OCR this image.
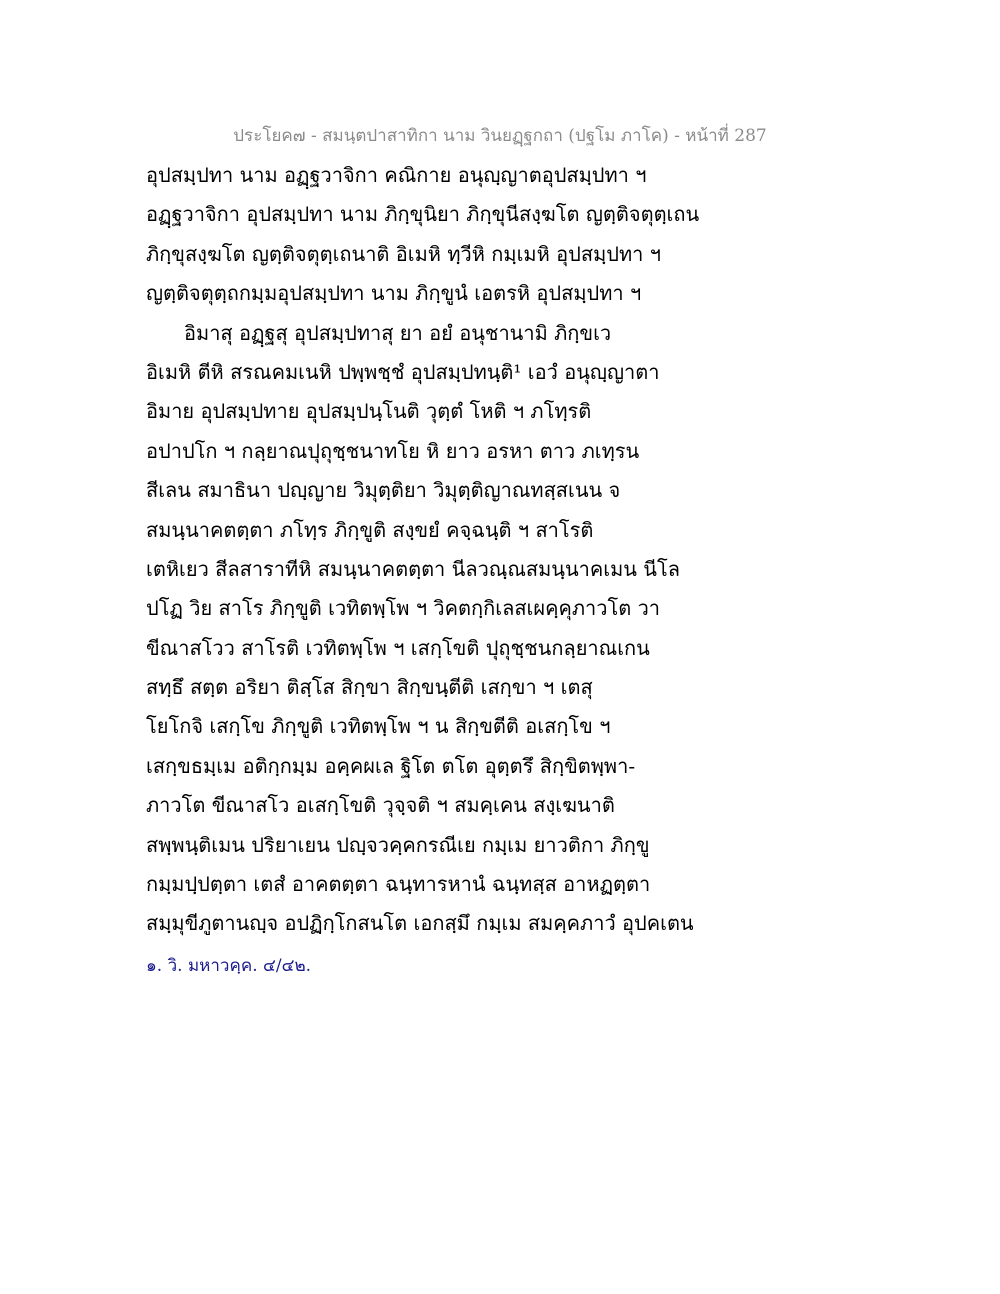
ประโยค๗ - สมนฺตปาสาทิกา นาม วินยฏฺฐกถา (ปฐโม ภาโค) - หน้าที่ 287
อุปสมฺปทา นาม อฏฺฐวาจิกา คณิกาย อนุญฺญาตอุปสมฺปทา ฯ
อฏฺฐวาจิกา อุปสมฺปทา นาม ภิกฺขุนิยา ภิกฺขุนีสงฺฆโต ญตฺติจตุตฺเถน
ภิกฺขุสงฺฆโต ญตฺติจตุตฺเถนาติ อิเมหิ ทฺวีหิ กมฺเมหิ อุปสมฺปทา ฯ
ญตฺติจตุตฺถกมฺมอุปสมฺปทา นาม ภิกฺขูนํ เอตรหิ อุปสมฺปทา ฯ
อิมาสุ อฏฺฐสุ อุปสมฺปทาสุ ยา อยํ อนุชานามิ ภิกฺขเว
อิเมหิ ตีหิ สรณคมเนหิ ปพฺพชฺชํ อุปสมฺปทนฺติ¹ เอวํ อนุญฺญาตา
อิมาย อุปสมฺปทาย อุปสมฺปนฺโนติ วุตฺตํ โหติ ฯ ภโทฺรติ
อปาปโก ฯ กลฺยาณปุถุชฺชนาทโย หิ ยาว อรหา ตาว ภเทฺรน
สีเลน สมาธินา ปญฺญาย วิมุตฺติยา วิมุตฺติญาณทสฺสเนน จ
สมนฺนาคตตฺตา ภโทฺร ภิกฺขูติ สงฺขยํ คจฺฉนฺติ ฯ สาโรติ
เตหิเยว สีลสาราทีหิ สมนฺนาคตตฺตา นีลวณฺณสมนฺนาคเมน นีโล
ปโฏ วิย สาโร ภิกฺขูติ เวทิตพฺโพ ฯ วิคตกฺกิเลสเผคฺคุภาวโต วา
ขีณาสโวว สาโรติ เวทิตพฺโพ ฯ เสกฺโขติ ปุถุชฺชนกลฺยาณเกน
สทฺธึ สตฺต อริยา ติสฺโส สิกฺขา สิกฺขนฺตีติ เสกฺขา ฯ เตสุ
โยโกจิ เสกฺโข ภิกฺขูติ เวทิตพฺโพ ฯ น สิกฺขตีติ อเสกฺโข ฯ
เสกฺขธมฺเม อติกฺกมฺม อคฺคผเล ฐิโต ตโต อุตฺตรึ สิกฺขิตพฺพา-
ภาวโต ขีณาสโว อเสกฺโขติ วุจฺจติ ฯ สมคฺเคน สงฺเฆนาติ
สพฺพนฺติเมน ปริยาเยน ปญฺจวคฺคกรณีเย กมฺเม ยาวติกา ภิกฺขู
กมฺมปฺปตฺตา เตสํ อาคตตฺตา ฉนฺทารหานํ ฉนฺทสฺส อาหฏตฺตา
สมฺมุขีภูตานญฺจ อปฏิกฺโกสนโต เอกสฺมึ กมฺเม สมคฺคภาวํ อุปคเตน
๑. วิ. มหาวคฺค. ๔/๔๒.
